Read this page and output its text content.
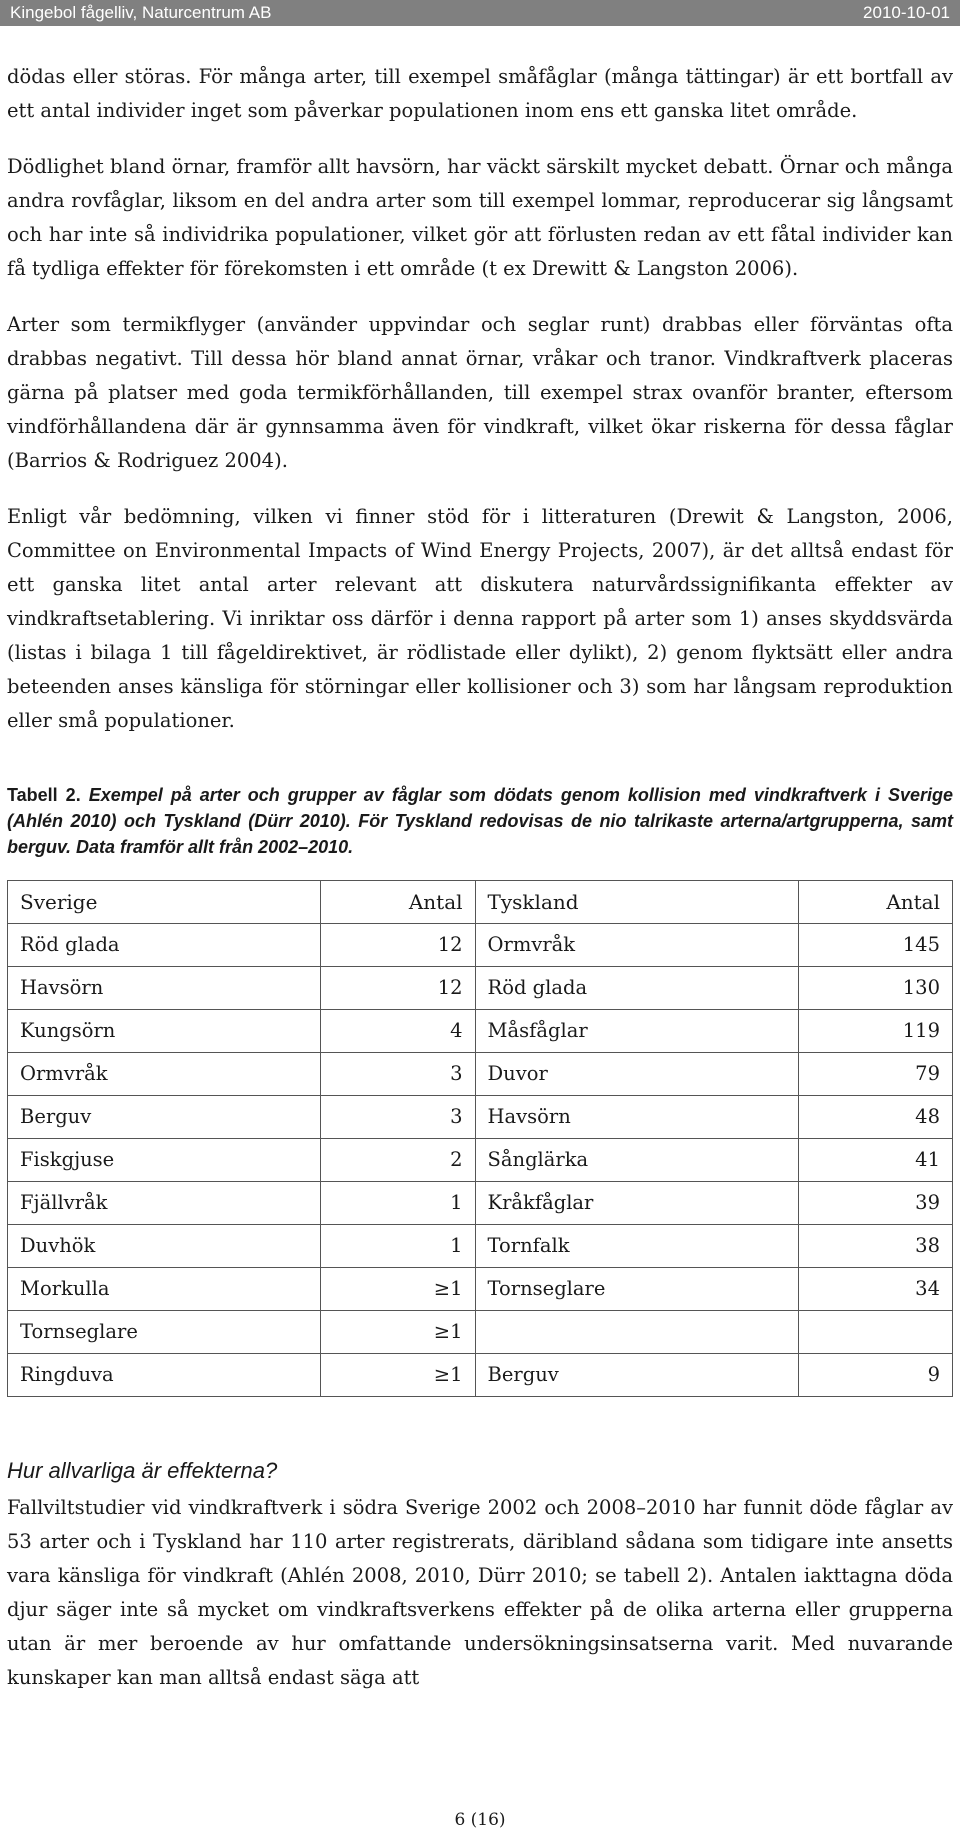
Kingebol fågelliv, Naturcentrum AB	2010-10-01

dödas eller störas. För många arter, till exempel småfåglar (många tättingar) är ett bortfall av ett antal individer inget som påverkar populationen inom ens ett ganska litet område.

Dödlighet bland örnar, framför allt havsörn, har väckt särskilt mycket debatt. Örnar och många andra rovfåglar, liksom en del andra arter som till exempel lommar, reproducerar sig långsamt och har inte så individrika populationer, vilket gör att förlusten redan av ett fåtal individer kan få tydliga effekter för förekomsten i ett område (t ex Drewitt & Langston 2006).

Arter som termikflyger (använder uppvindar och seglar runt) drabbas eller förväntas ofta drabbas negativt. Till dessa hör bland annat örnar, vråkar och tranor. Vindkraftverk placeras gärna på platser med goda termikförhållanden, till exempel strax ovanför branter, eftersom vindförhållandena där är gynnsamma även för vindkraft, vilket ökar riskerna för dessa fåglar (Barrios & Rodriguez 2004).

Enligt vår bedömning, vilken vi finner stöd för i litteraturen (Drewit & Langston, 2006, Committee on Environmental Impacts of Wind Energy Projects, 2007), är det alltså endast för ett ganska litet antal arter relevant att diskutera naturvårdssignifikanta effekter av vindkraftsetablering. Vi inriktar oss därför i denna rapport på arter som 1) anses skyddsvärda (listas i bilaga 1 till fågeldirektivet, är rödlistade eller dylikt), 2) genom flyktsätt eller andra beteenden anses känsliga för störningar eller kollisioner och 3) som har långsam reproduktion eller små populationer.

Tabell 2. Exempel på arter och grupper av fåglar som dödats genom kollision med vindkraftverk i Sverige (Ahlén 2010) och Tyskland (Dürr 2010). För Tyskland redovisas de nio talrikaste arterna/artgrupperna, samt berguv. Data framför allt från 2002–2010.
Sverige	Antal	Tyskland	Antal
Röd glada	12	Ormvråk	145
Havsörn	12	Röd glada	130
Kungsörn	4	Måsfåglar	119
Ormvråk	3	Duvor	79
Berguv	3	Havsörn	48
Fiskgjuse	2	Sånglärka	41
Fjällvråk	1	Kråkfåglar	39
Duvhök	1	Tornfalk	38
Morkulla	≥1	Tornseglare	34
Tornseglare	≥1		
Ringduva	≥1	Berguv	9
Hur allvarliga är effekterna?

Fallviltstudier vid vindkraftverk i södra Sverige 2002 och 2008–2010 har funnit döde fåglar av 53 arter och i Tyskland har 110 arter registrerats, däribland sådana som tidigare inte ansetts vara känsliga för vindkraft (Ahlén 2008, 2010, Dürr 2010; se tabell 2). Antalen iakttagna döda djur säger inte så mycket om vindkraftsverkens effekter på de olika arterna eller grupperna utan är mer beroende av hur omfattande undersökningsinsatserna varit. Med nuvarande kunskaper kan man alltså endast säga att

6 (16)
